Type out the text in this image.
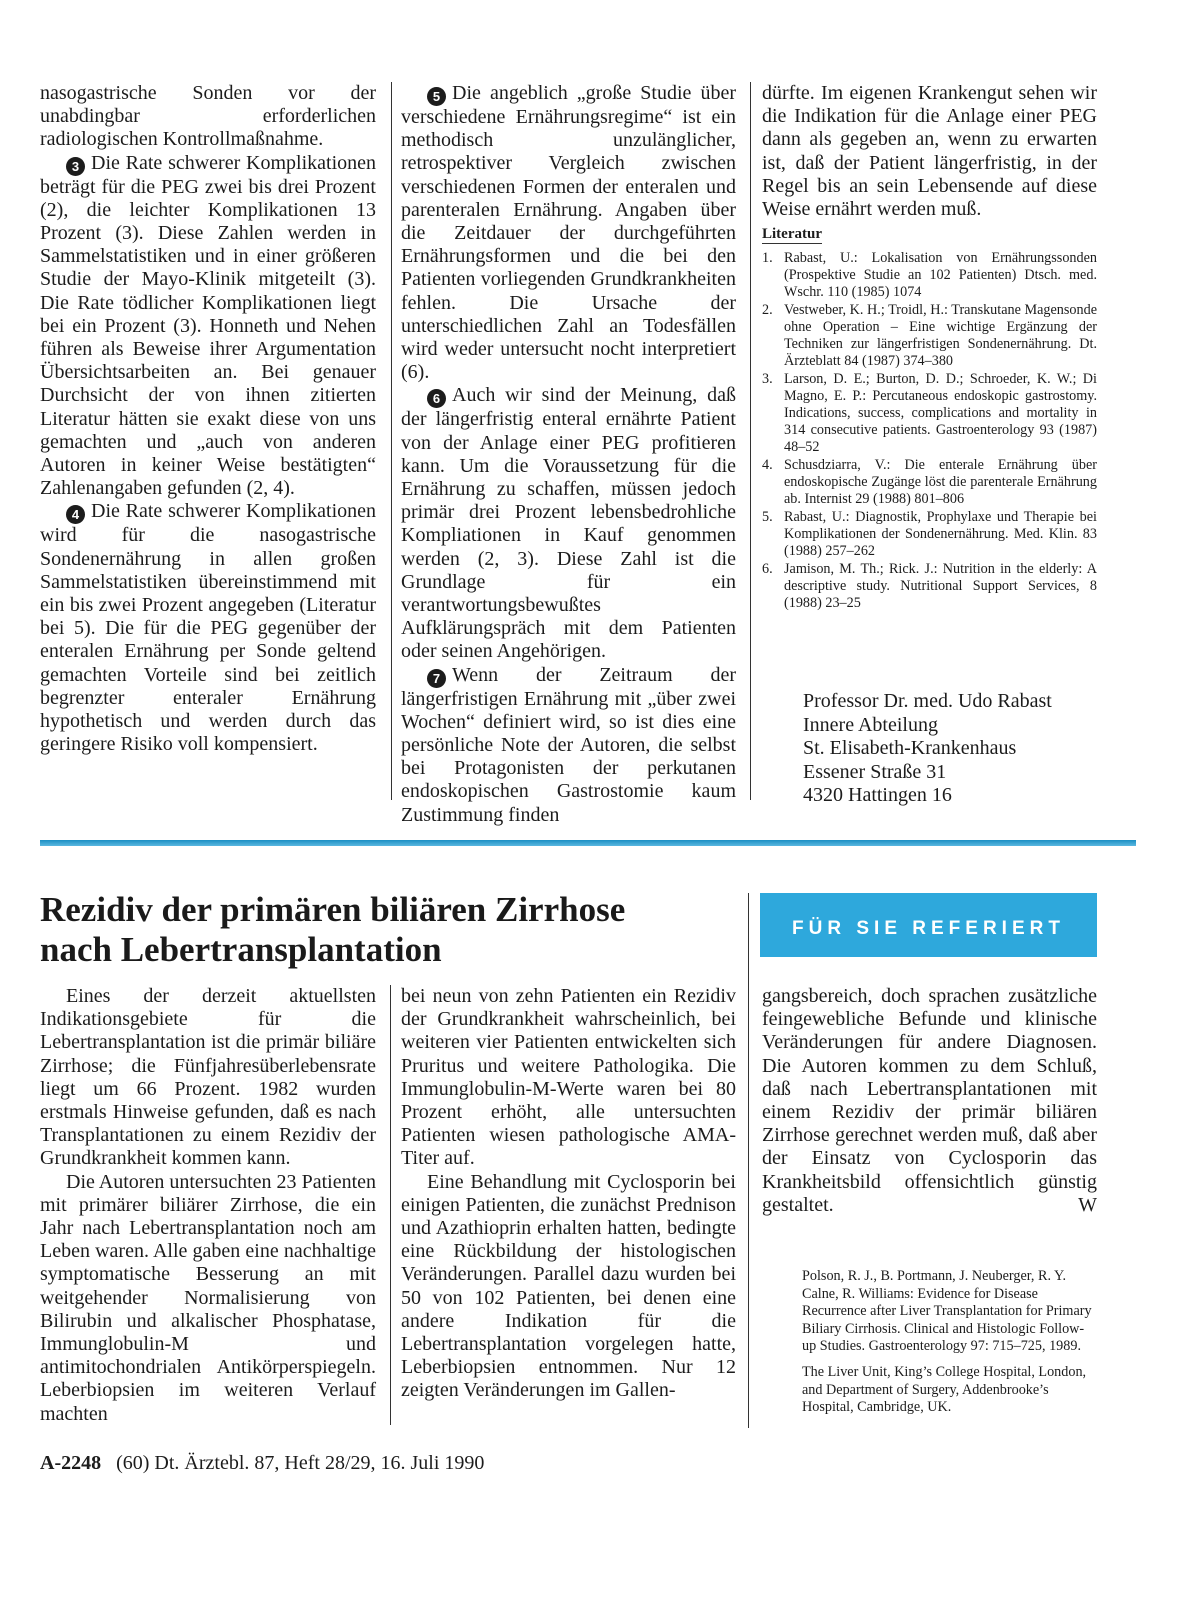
nasogastrische Sonden vor der unabdingbar erforderlichen radiologischen Kontrollmaßnahme.

3 Die Rate schwerer Komplikationen beträgt für die PEG zwei bis drei Prozent (2), die leichter Komplikationen 13 Prozent (3). Diese Zahlen werden in Sammelstatistiken und in einer größeren Studie der Mayo-Klinik mitgeteilt (3). Die Rate tödlicher Komplikationen liegt bei ein Prozent (3). Honneth und Nehen führen als Beweise ihrer Argumentation Übersichtsarbeiten an. Bei genauer Durchsicht der von ihnen zitierten Literatur hätten sie exakt diese von uns gemachten und „auch von anderen Autoren in keiner Weise bestätigten“ Zahlenangaben gefunden (2, 4).

4 Die Rate schwerer Komplikationen wird für die nasogastrische Sondenernährung in allen großen Sammelstatistiken übereinstimmend mit ein bis zwei Prozent angegeben (Literatur bei 5). Die für die PEG gegenüber der enteralen Ernährung per Sonde geltend gemachten Vorteile sind bei zeitlich begrenzter enteraler Ernährung hypothetisch und werden durch das geringere Risiko voll kompensiert.

5 Die angeblich „große Studie über verschiedene Ernährungsregime“ ist ein methodisch unzulänglicher, retrospektiver Vergleich zwischen verschiedenen Formen der enteralen und parenteralen Ernährung. Angaben über die Zeitdauer der durchgeführten Ernährungsformen und die bei den Patienten vorliegenden Grundkrankheiten fehlen. Die Ursache der unterschiedlichen Zahl an Todesfällen wird weder untersucht nocht interpretiert (6).

6 Auch wir sind der Meinung, daß der längerfristig enteral ernährte Patient von der Anlage einer PEG profitieren kann. Um die Voraussetzung für die Ernährung zu schaffen, müssen jedoch primär drei Prozent lebensbedrohliche Kompliationen in Kauf genommen werden (2, 3). Diese Zahl ist die Grundlage für ein verantwortungsbewußtes Aufklärungspräch mit dem Patienten oder seinen Angehörigen.

7 Wenn der Zeitraum der längerfristigen Ernährung mit „über zwei Wochen“ definiert wird, so ist dies eine persönliche Note der Autoren, die selbst bei Protagonisten der perkutanen endoskopischen Gastrostomie kaum Zustimmung finden

dürfte. Im eigenen Krankengut sehen wir die Indikation für die Anlage einer PEG dann als gegeben an, wenn zu erwarten ist, daß der Patient längerfristig, in der Regel bis an sein Lebensende auf diese Weise ernährt werden muß.

Literatur
1. Rabast, U.: Lokalisation von Ernährungssonden (Prospektive Studie an 102 Patienten) Dtsch. med. Wschr. 110 (1985) 1074
2. Vestweber, K. H.; Troidl, H.: Transkutane Magensonde ohne Operation – Eine wichtige Ergänzung der Techniken zur längerfristigen Sondenernährung. Dt. Ärzteblatt 84 (1987) 374–380
3. Larson, D. E.; Burton, D. D.; Schroeder, K. W.; Di Magno, E. P.: Percutaneous endoskopic gastrostomy. Indications, success, complications and mortality in 314 consecutive patients. Gastroenterology 93 (1987) 48–52
4. Schusdziarra, V.: Die enterale Ernährung über endoskopische Zugänge löst die parenterale Ernährung ab. Internist 29 (1988) 801–806
5. Rabast, U.: Diagnostik, Prophylaxe und Therapie bei Komplikationen der Sondenernährung. Med. Klin. 83 (1988) 257–262
6. Jamison, M. Th.; Rick. J.: Nutrition in the elderly: A descriptive study. Nutritional Support Services, 8 (1988) 23–25
Professor Dr. med. Udo Rabast
Innere Abteilung
St. Elisabeth-Krankenhaus
Essener Straße 31
4320 Hattingen 16
Rezidiv der primären biliären Zirrhose
nach Lebertransplantation
FÜR SIE REFERIERT

Eines der derzeit aktuellsten Indikationsgebiete für die Lebertransplantation ist die primär biliäre Zirrhose; die Fünfjahresüberlebensrate liegt um 66 Prozent. 1982 wurden erstmals Hinweise gefunden, daß es nach Transplantationen zu einem Rezidiv der Grundkrankheit kommen kann.

Die Autoren untersuchten 23 Patienten mit primärer biliärer Zirrhose, die ein Jahr nach Lebertransplantation noch am Leben waren. Alle gaben eine nachhaltige symptomatische Besserung an mit weitgehender Normalisierung von Bilirubin und alkalischer Phosphatase, Immunglobulin-M und antimitochondrialen Antikörperspiegeln. Leberbiopsien im weiteren Verlauf machten

bei neun von zehn Patienten ein Rezidiv der Grundkrankheit wahrscheinlich, bei weiteren vier Patienten entwickelten sich Pruritus und weitere Pathologika. Die Immunglobulin-M-Werte waren bei 80 Prozent erhöht, alle untersuchten Patienten wiesen pathologische AMA-Titer auf.

Eine Behandlung mit Cyclosporin bei einigen Patienten, die zunächst Prednison und Azathioprin erhalten hatten, bedingte eine Rückbildung der histologischen Veränderungen. Parallel dazu wurden bei 50 von 102 Patienten, bei denen eine andere Indikation für die Lebertransplantation vorgelegen hatte, Leberbiopsien entnommen. Nur 12 zeigten Veränderungen im Gallen-

gangsbereich, doch sprachen zusätzliche feingewebliche Befunde und klinische Veränderungen für andere Diagnosen. Die Autoren kommen zu dem Schluß, daß nach Lebertransplantationen mit einem Rezidiv der primär biliären Zirrhose gerechnet werden muß, daß aber der Einsatz von Cyclosporin das Krankheitsbild offensichtlich günstig gestaltet.	W

Polson, R. J., B. Portmann, J. Neuberger, R. Y. Calne, R. Williams: Evidence for Disease Recurrence after Liver Transplantation for Primary Biliary Cirrhosis. Clinical and Histologic Follow-up Studies. Gastroenterology 97: 715–725, 1989.

The Liver Unit, King’s College Hospital, London, and Department of Surgery, Addenbrooke’s Hospital, Cambridge, UK.

A-2248 (60) Dt. Ärztebl. 87, Heft 28/29, 16. Juli 1990
